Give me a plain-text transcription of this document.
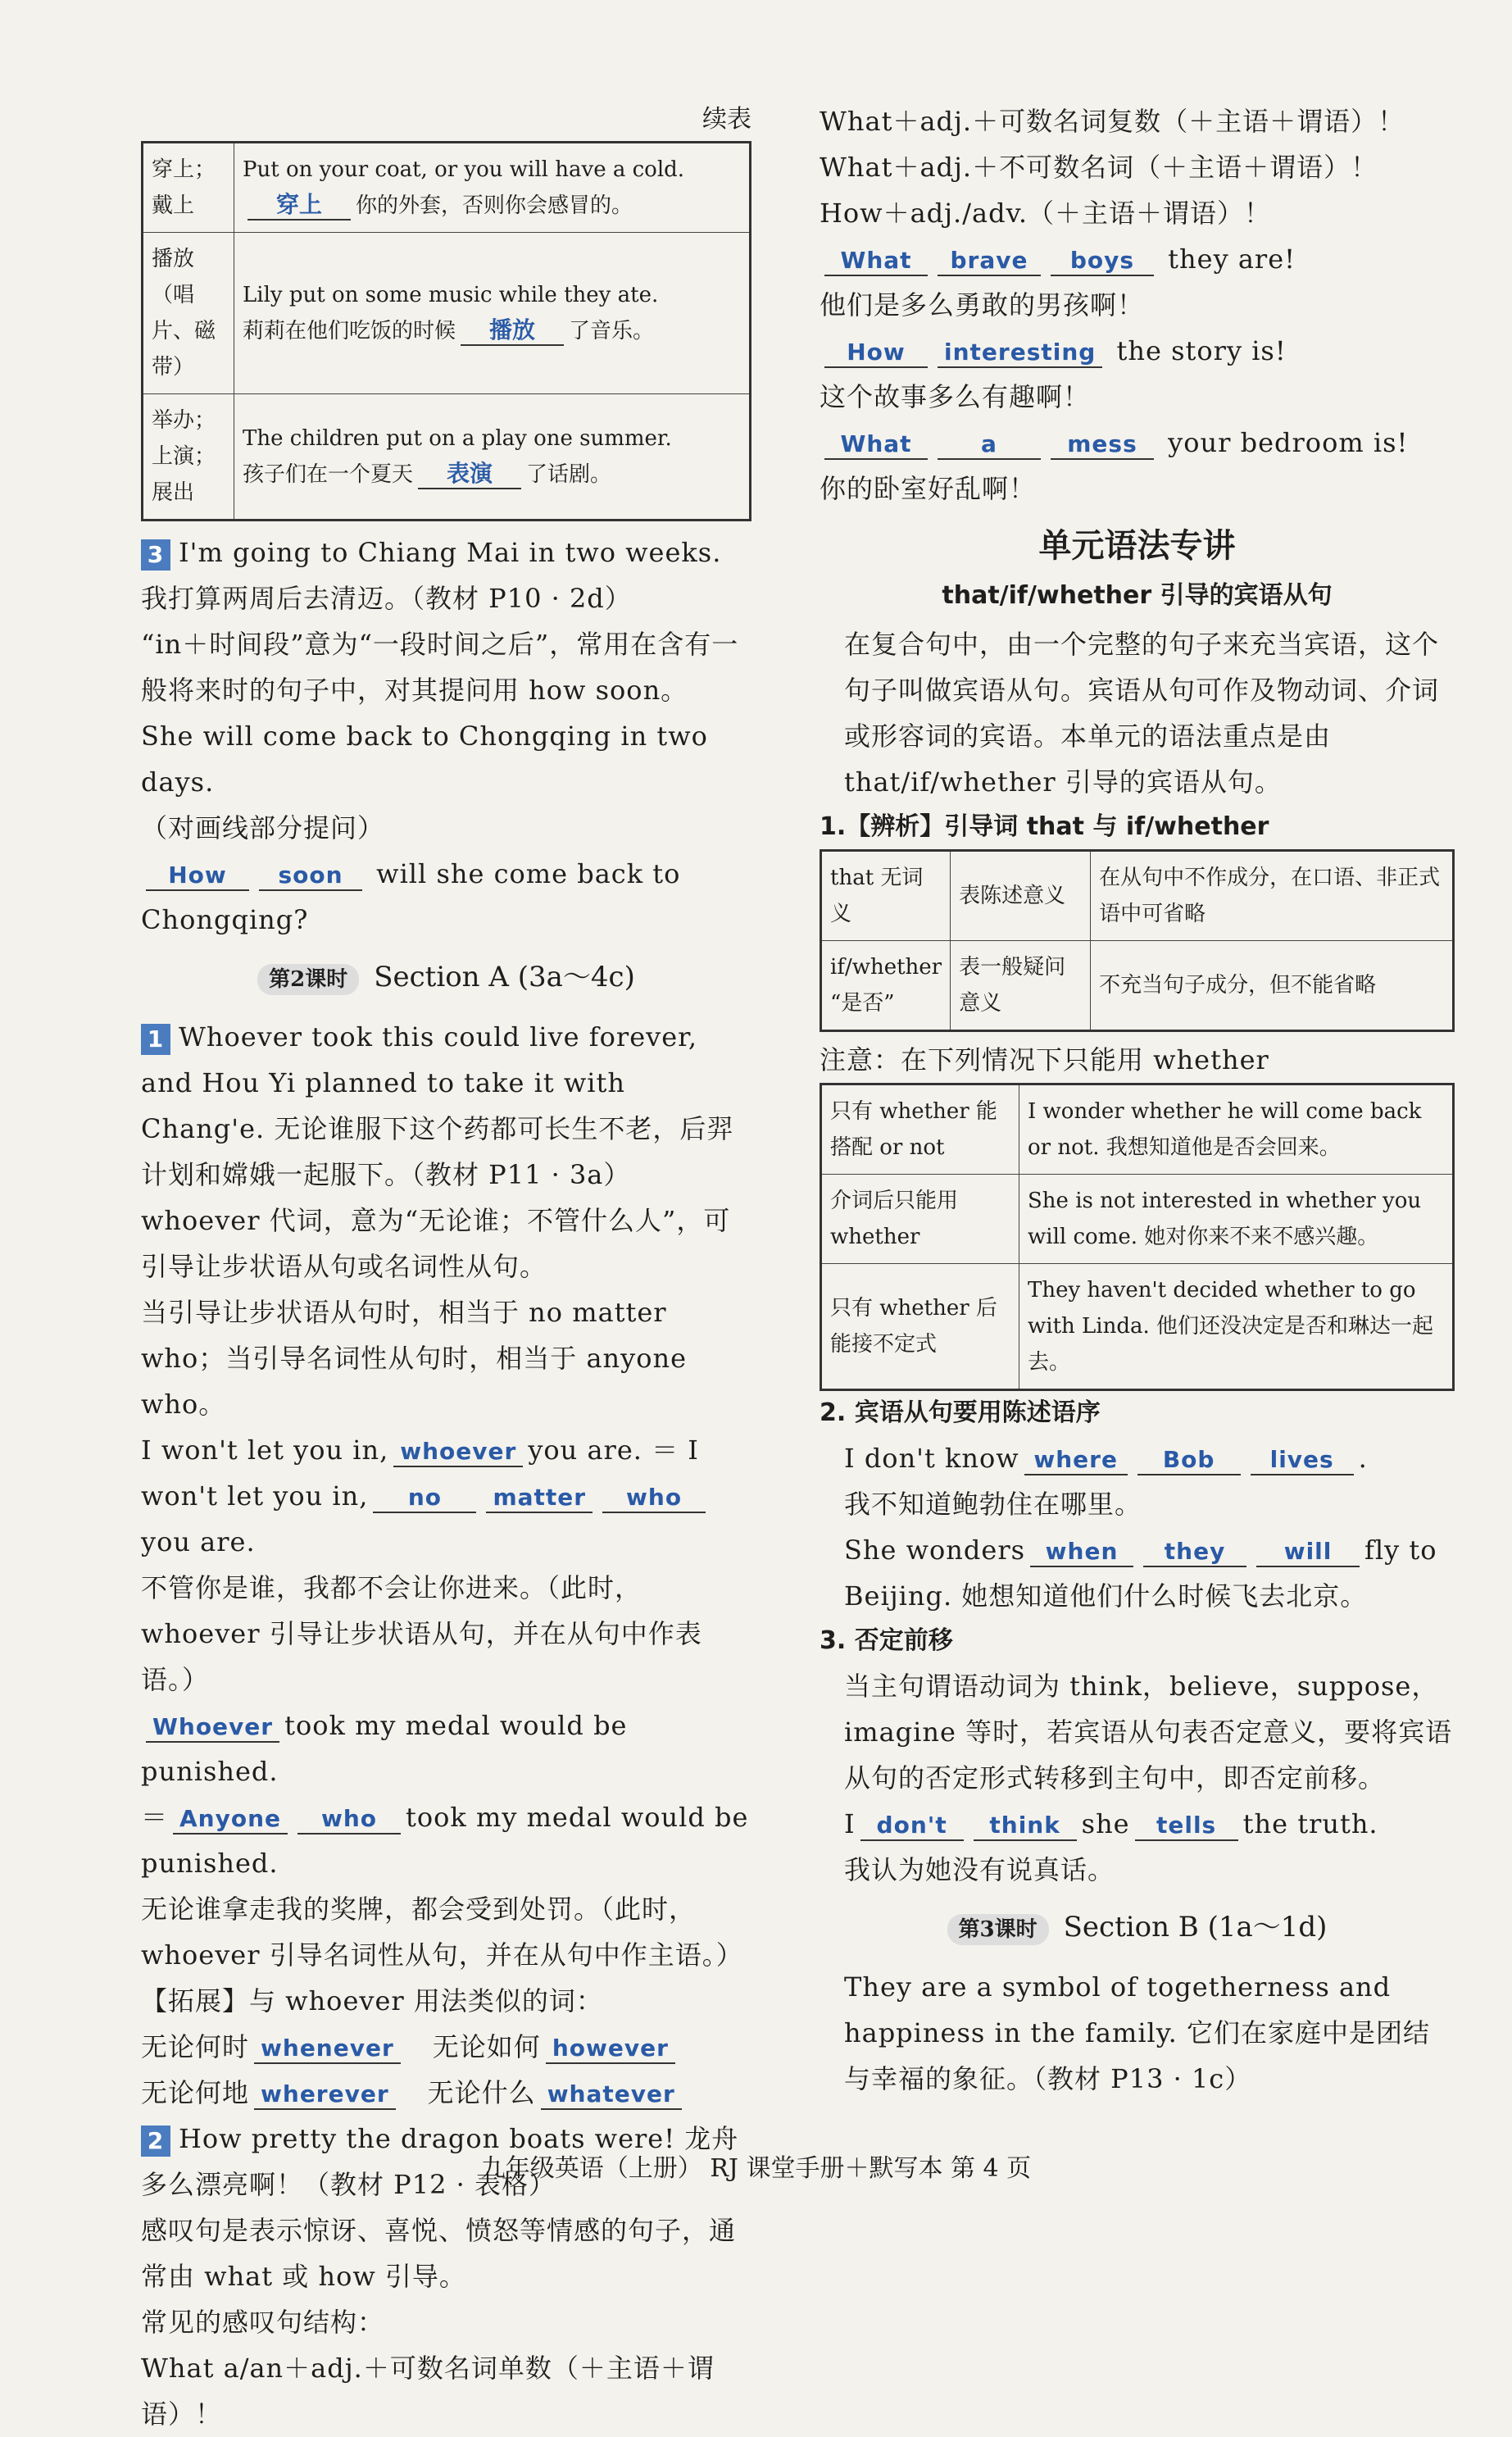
续表

穿上；戴上	Put on your coat, or you will have a cold.
穿上 你的外套，否则你会感冒的。

播放（唱片、磁带）	Lily put on some music while they ate.
莉莉在他们吃饭的时候 播放 了音乐。

举办；上演；展出	The children put on a play one summer.
孩子们在一个夏天 表演 了话剧。

3 I'm going to Chiang Mai in two weeks. 我打算两周后去清迈。（教材 P10 · 2d）

“in＋时间段”意为“一段时间之后”，常用在含有一般将来时的句子中，对其提问用 how soon。

She will come back to Chongqing in two days.

（对画线部分提问）

How soon will she come back to Chongqing?

第2课时 Section A (3a～4c)

1 Whoever took this could live forever, and Hou Yi planned to take it with Chang'e. 无论谁服下这个药都可长生不老，后羿计划和嫦娥一起服下。（教材 P11 · 3a）

whoever 代词，意为“无论谁；不管什么人”，可引导让步状语从句或名词性从句。

当引导让步状语从句时，相当于 no matter who；当引导名词性从句时，相当于 anyone who。

I won't let you in, whoever you are. ＝ I won't let you in, no matter whoyou are.

不管你是谁，我都不会让你进来。（此时，whoever 引导让步状语从句，并在从句中作表语。）

Whoever took my medal would be punished.

＝ Anyone who took my medal would be punished.

无论谁拿走我的奖牌，都会受到处罚。（此时，whoever 引导名词性从句，并在从句中作主语。）

【拓展】与 whoever 用法类似的词：

无论何时 whenever　 无论如何 however

无论何地 wherever　 无论什么 whatever

2 How pretty the dragon boats were! 龙舟多么漂亮啊！（教材 P12 · 表格）

感叹句是表示惊讶、喜悦、愤怒等情感的句子，通常由 what 或 how 引导。

常见的感叹句结构：

What a/an＋adj.＋可数名词单数（＋主语＋谓语）！

What＋adj.＋可数名词复数（＋主语＋谓语）！

What＋adj.＋不可数名词（＋主语＋谓语）！

How＋adj./adv.（＋主语＋谓语）！

What brave boys they are!

他们是多么勇敢的男孩啊！

How interesting the story is!

这个故事多么有趣啊！

What	a	mess your bedroom is!

你的卧室好乱啊！

单元语法专讲
that/if/whether 引导的宾语从句

在复合句中，由一个完整的句子来充当宾语，这个句子叫做宾语从句。宾语从句可作及物动词、介词或形容词的宾语。本单元的语法重点是由 that/if/whether 引导的宾语从句。

1.【辨析】引导词 that 与 if/whether

that 无词义	表陈述意义	在从句中不作成分，在口语、非正式语中可省略
if/whether “是否”	表一般疑问意义	不充当句子成分，但不能省略

注意：在下列情况下只能用 whether

只有 whether 能搭配 or not	I wonder whether he will come back or not. 我想知道他是否会回来。
介词后只能用 whether	She is not interested in whether you will come. 她对你来不来不感兴趣。
只有 whether 后能接不定式	They haven't decided whether to go with Linda. 他们还没决定是否和琳达一起去。

2. 宾语从句要用陈述语序

I don't know where Bob lives .

我不知道鲍勃住在哪里。

She wonders when they	will fly to Beijing. 她想知道他们什么时候飞去北京。

3. 否定前移

当主句谓语动词为 think，believe，suppose，imagine 等时，若宾语从句表否定意义，要将宾语从句的否定形式转移到主句中，即否定前移。

I don't think she tells the truth.

我认为她没有说真话。

第3课时 Section B (1a～1d)

They are a symbol of togetherness and happiness in the family. 它们在家庭中是团结与幸福的象征。（教材 P13 · 1c）

九年级英语（上册） RJ 课堂手册＋默写本 第 4 页
